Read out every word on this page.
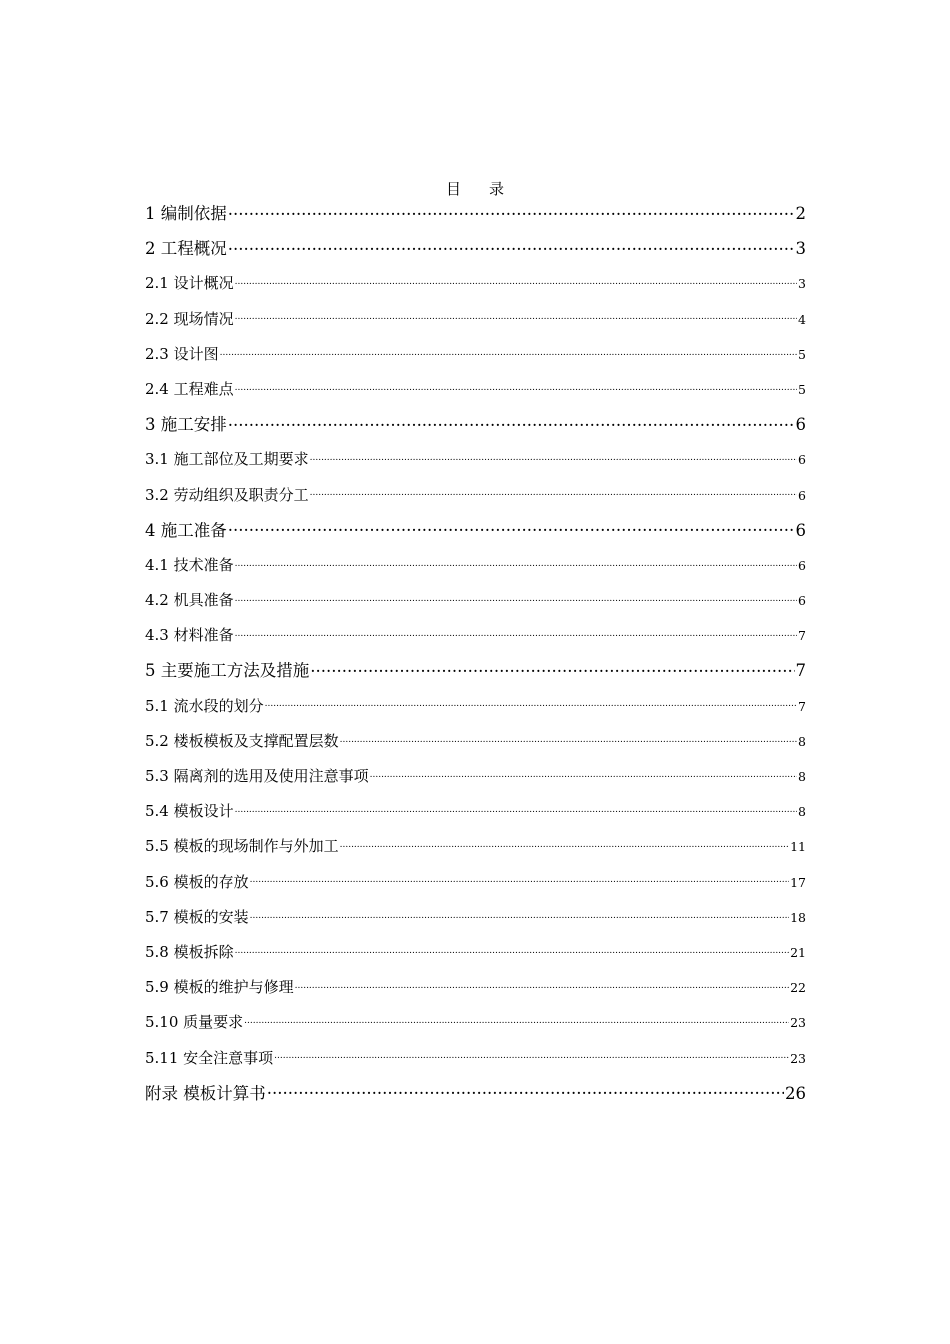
目 录
1 编制依据 .....	2
2 工程概况 .....	3
2.1 设计概况 .....	3
2.2 现场情况 .....	4
2.3 设计图 .....	5
2.4 工程难点 .....	5
3 施工安排 .....	6
3.1 施工部位及工期要求 .....	6
3.2 劳动组织及职责分工 .....	6
4 施工准备 .....	6
4.1 技术准备 .....	6
4.2 机具准备 .....	6
4.3 材料准备 .....	7
5 主要施工方法及措施 .....	7
5.1 流水段的划分 .....	7
5.2 楼板模板及支撑配置层数 .....	8
5.3 隔离剂的选用及使用注意事项 .....	8
5.4 模板设计 .....	8
5.5 模板的现场制作与外加工 .....	11
5.6 模板的存放 .....	17
5.7 模板的安装 .....	18
5.8 模板拆除 .....	21
5.9 模板的维护与修理 .....	22
5.10 质量要求 .....	23
5.11 安全注意事项 .....	23
附录 模板计算书 .....	26
